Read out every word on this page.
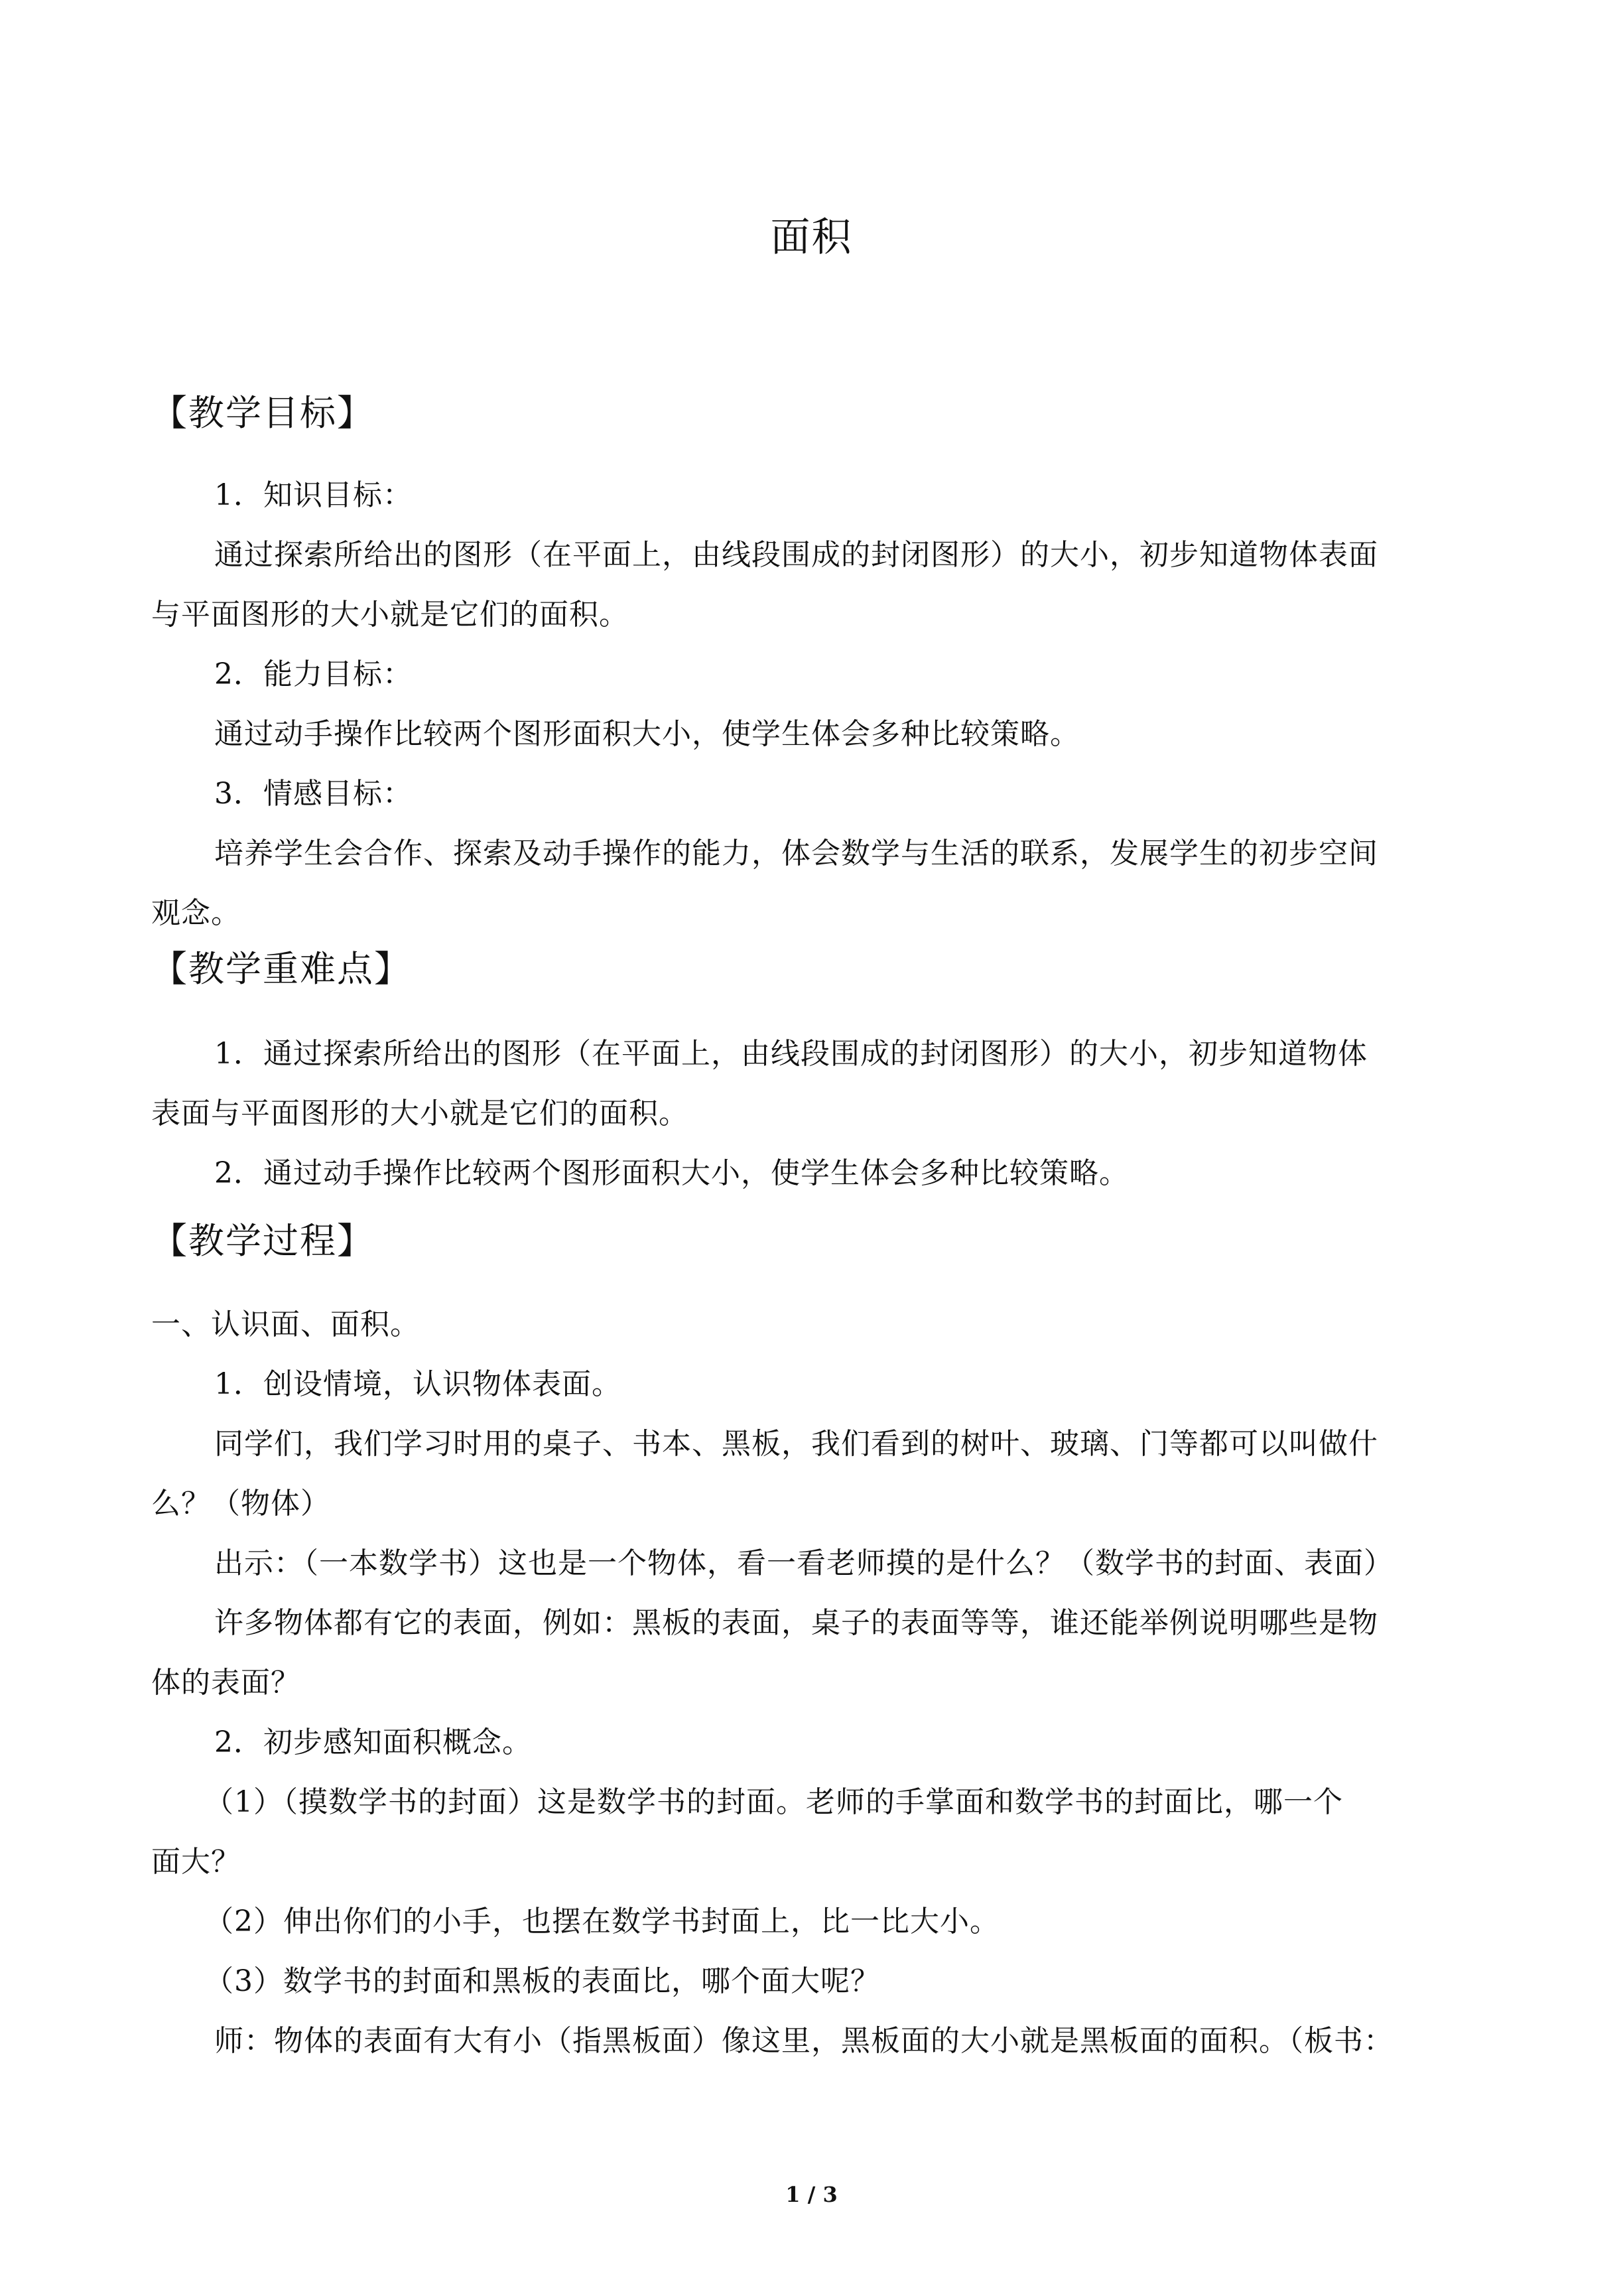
面积
【教学目标】
1．知识目标：
通过探索所给出的图形（在平面上，由线段围成的封闭图形）的大小，初步知道物体表面
与平面图形的大小就是它们的面积。
2．能力目标：
通过动手操作比较两个图形面积大小，使学生体会多种比较策略。
3．情感目标：
培养学生会合作、探索及动手操作的能力，体会数学与生活的联系，发展学生的初步空间
观念。
【教学重难点】
1．通过探索所给出的图形（在平面上，由线段围成的封闭图形）的大小，初步知道物体
表面与平面图形的大小就是它们的面积。
2．通过动手操作比较两个图形面积大小，使学生体会多种比较策略。
【教学过程】
一、认识面、面积。
1．创设情境，认识物体表面。
同学们，我们学习时用的桌子、书本、黑板，我们看到的树叶、玻璃、门等都可以叫做什
么？（物体）
出示：（一本数学书）这也是一个物体，看一看老师摸的是什么？（数学书的封面、表面）
许多物体都有它的表面，例如：黑板的表面，桌子的表面等等，谁还能举例说明哪些是物
体的表面？
2．初步感知面积概念。
（1）（摸数学书的封面）这是数学书的封面。老师的手掌面和数学书的封面比，哪一个
面大？
（2）伸出你们的小手，也摆在数学书封面上，比一比大小。
（3）数学书的封面和黑板的表面比，哪个面大呢？
师：物体的表面有大有小（指黑板面）像这里，黑板面的大小就是黑板面的面积。（板书：
1 / 3
